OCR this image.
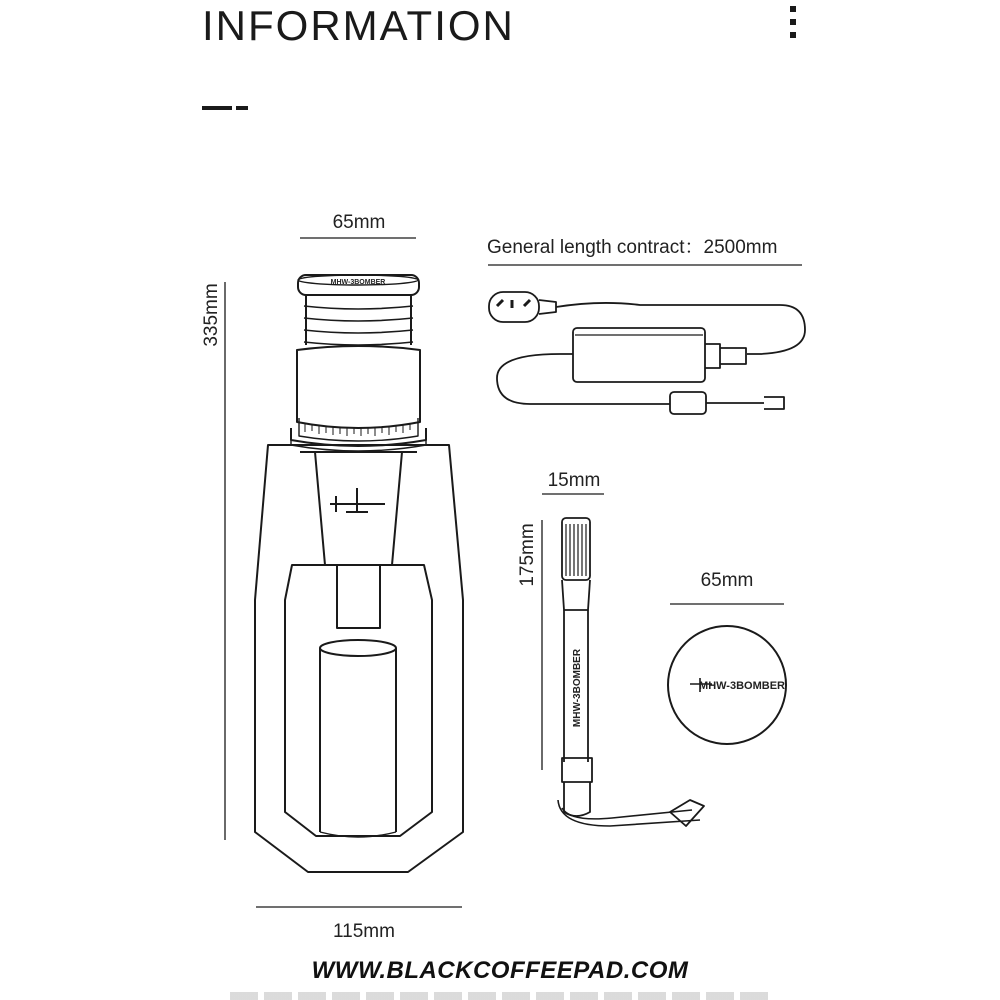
INFORMATION
65mm
335mm
115mm
General length contract：2500mm
15mm
175mm	65mm
MHW-3BOMBER
MHW-3BOMBER
MHW-3BOMBER
WWW.BLACKCOFFEEPAD.COM
